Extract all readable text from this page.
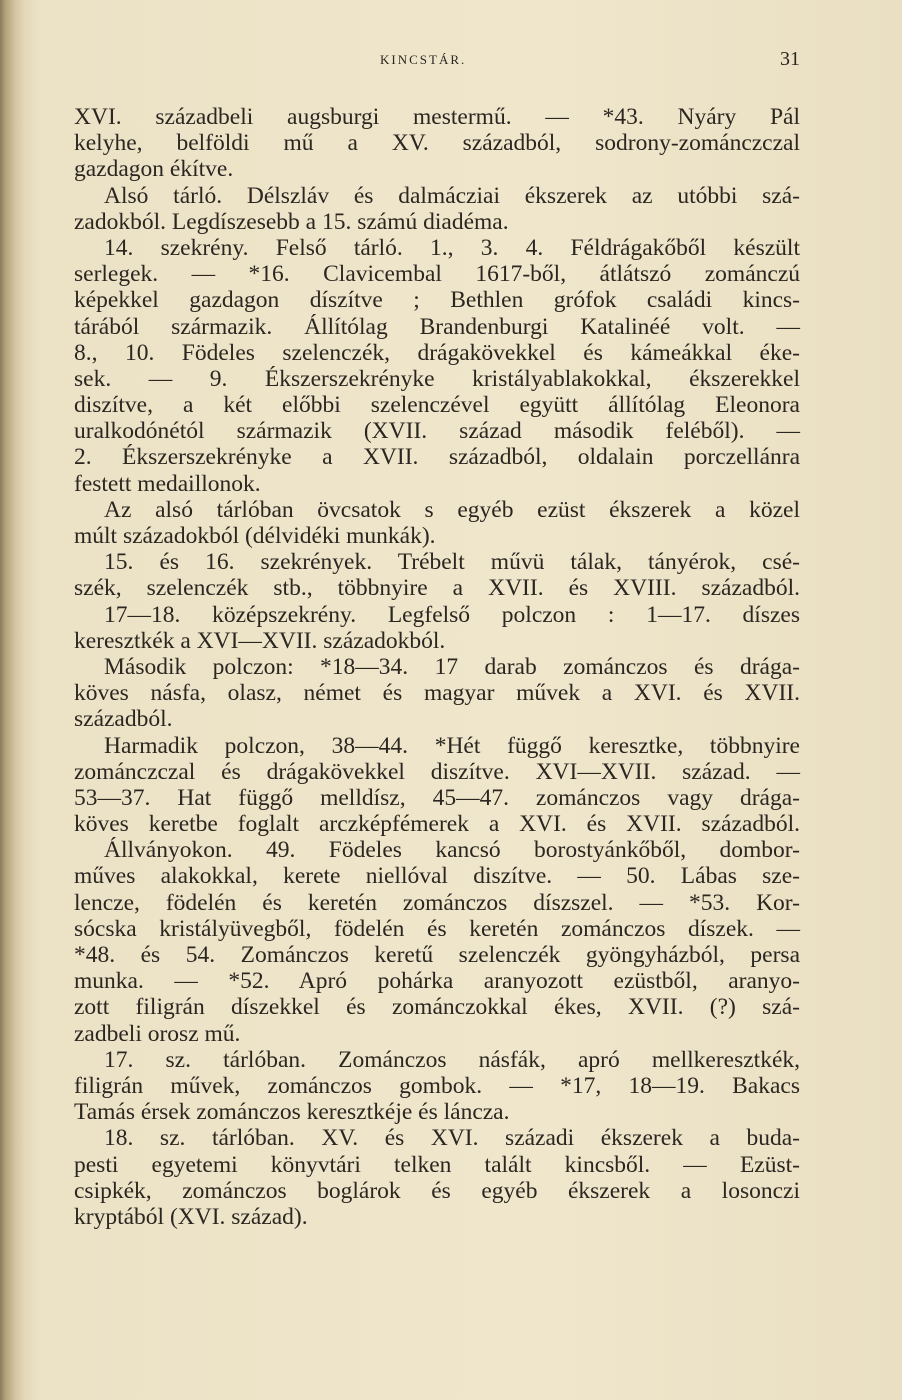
KINCSTÁR.	31
XVI. századbeli augsburgi mestermű. — *43. Nyáry Pál
kelyhe, belföldi mű a XV. századból, sodrony-zománczczal
gazdagon ékítve.
Alsó tárló. Délszláv és dalmácziai ékszerek az utóbbi szá-
zadokból. Legdíszesebb a 15. számú diadéma.
14. szekrény. Felső tárló. 1., 3. 4. Féldrágakőből készült
serlegek. — *16. Clavicembal 1617-ből, átlátszó zománczú
képekkel gazdagon díszítve ; Bethlen grófok családi kincs-
tárából származik. Állítólag Brandenburgi Katalinéé volt. —
8., 10. Födeles szelenczék, drágakövekkel és kámeákkal éke-
sek. — 9. Ékszerszekrényke kristályablakokkal, ékszerekkel
diszítve, a két előbbi szelenczével együtt állítólag Eleonora
uralkodónétól származik (XVII. század második feléből). —
2. Ékszerszekrényke a XVII. századból, oldalain porczellánra
festett medaillonok.
Az alsó tárlóban övcsatok s egyéb ezüst ékszerek a közel
múlt századokból (délvidéki munkák).
15. és 16. szekrények. Trébelt művü tálak, tányérok, csé-
szék, szelenczék stb., többnyire a XVII. és XVIII. századból.
17—18. középszekrény. Legfelső polczon : 1—17. díszes
keresztkék a XVI—XVII. századokból.
Második polczon: *18—34. 17 darab zománczos és drága-
köves násfa, olasz, német és magyar művek a XVI. és XVII.
századból.
Harmadik polczon, 38—44. *Hét függő keresztke, többnyire
zománczczal és drágakövekkel diszítve. XVI—XVII. század. —
53—37. Hat függő melldísz, 45—47. zománczos vagy drága-
köves keretbe foglalt arczképfémerek a XVI. és XVII. századból.
Állványokon. 49. Födeles kancsó borostyánkőből, dombor-
műves alakokkal, kerete niellóval diszítve. — 50. Lábas sze-
lencze, födelén és keretén zománczos díszszel. — *53. Kor-
sócska kristályüvegből, födelén és keretén zománczos díszek. —
*48. és 54. Zománczos keretű szelenczék gyöngyházból, persa
munka. — *52. Apró pohárka aranyozott ezüstből, aranyo-
zott filigrán díszekkel és zománczokkal ékes, XVII. (?) szá-
zadbeli orosz mű.
17. sz. tárlóban. Zománczos násfák, apró mellkeresztkék,
filigrán művek, zománczos gombok. — *17, 18—19. Bakacs
Tamás érsek zománczos keresztkéje és láncza.
18. sz. tárlóban. XV. és XVI. századi ékszerek a buda-
pesti egyetemi könyvtári telken talált kincsből. — Ezüst-
csipkék, zománczos boglárok és egyéb ékszerek a losonczi
kryptából (XVI. század).
